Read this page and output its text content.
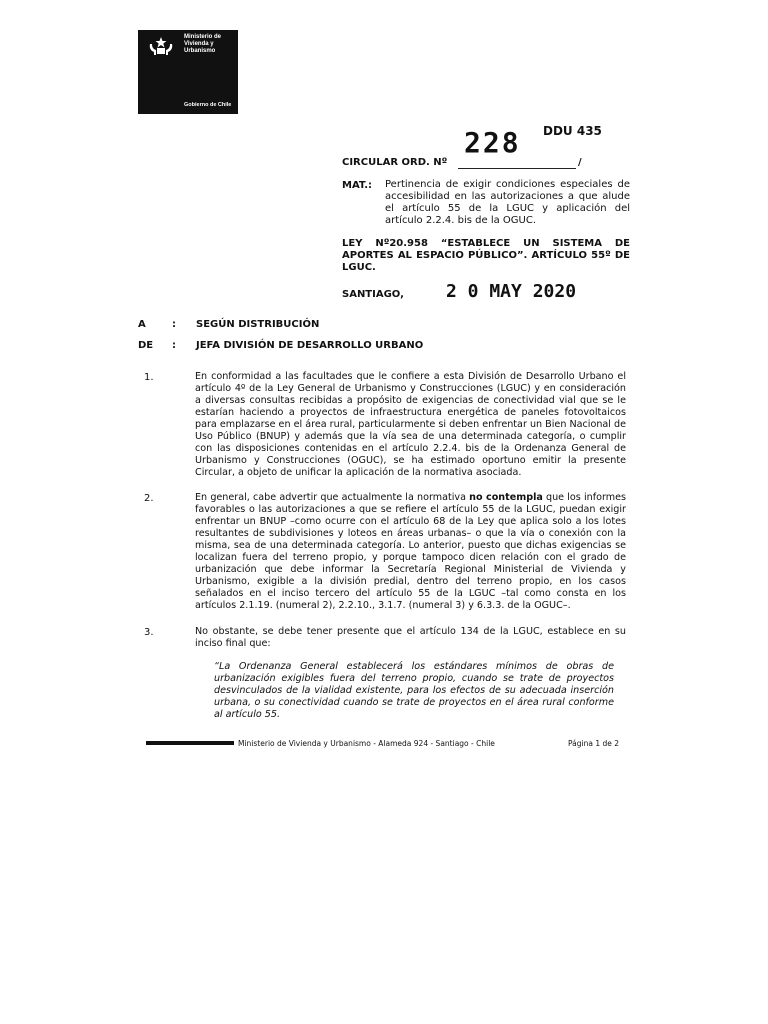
Ministerio de
Vivienda y
Urbanismo
Gobierno de Chile
228 DDU 435
CIRCULAR ORD. Nº	/
MAT.: Pertinencia de exigir condiciones especiales de accesibilidad en las autorizaciones a que alude el artículo 55 de la LGUC y aplicación del artículo 2.2.4. bis de la OGUC.
LEY Nº20.958 “ESTABLECE UN SISTEMA DE APORTES AL ESPACIO PÚBLICO”. ARTÍCULO 55º DE LGUC.
SANTIAGO, 2 0 MAY 2020
A	: SEGÚN DISTRIBUCIÓN
DE : JEFA DIVISIÓN DE DESARROLLO URBANO
1.	En conformidad a las facultades que le confiere a esta División de Desarrollo Urbano el artículo 4º de la Ley General de Urbanismo y Construcciones (LGUC) y en consideración a diversas consultas recibidas a propósito de exigencias de conectividad vial que se le estarían haciendo a proyectos de infraestructura energética de paneles fotovoltaicos para emplazarse en el área rural, particularmente si deben enfrentar un Bien Nacional de Uso Público (BNUP) y además que la vía sea de una determinada categoría, o cumplir con las disposiciones contenidas en el artículo 2.2.4. bis de la Ordenanza General de Urbanismo y Construcciones (OGUC), se ha estimado oportuno emitir la presente Circular, a objeto de unificar la aplicación de la normativa asociada.
2.	En general, cabe advertir que actualmente la normativa no contempla que los informes favorables o las autorizaciones a que se refiere el artículo 55 de la LGUC, puedan exigir enfrentar un BNUP –como ocurre con el artículo 68 de la Ley que aplica solo a los lotes resultantes de subdivisiones y loteos en áreas urbanas– o que la vía o conexión con la misma, sea de una determinada categoría. Lo anterior, puesto que dichas exigencias se localizan fuera del terreno propio, y porque tampoco dicen relación con el grado de urbanización que debe informar la Secretaría Regional Ministerial de Vivienda y Urbanismo, exigible a la división predial, dentro del terreno propio, en los casos señalados en el inciso tercero del artículo 55 de la LGUC –tal como consta en los artículos 2.1.19. (numeral 2), 2.2.10., 3.1.7. (numeral 3) y 6.3.3. de la OGUC–.
3.	No obstante, se debe tener presente que el artículo 134 de la LGUC, establece en su inciso final que:
“La Ordenanza General establecerá los estándares mínimos de obras de urbanización exigibles fuera del terreno propio, cuando se trate de proyectos desvinculados de la vialidad existente, para los efectos de su adecuada inserción urbana, o su conectividad cuando se trate de proyectos en el área rural conforme al artículo 55.
Ministerio de Vivienda y Urbanismo - Alameda 924 - Santiago - Chile	Página 1 de 2
